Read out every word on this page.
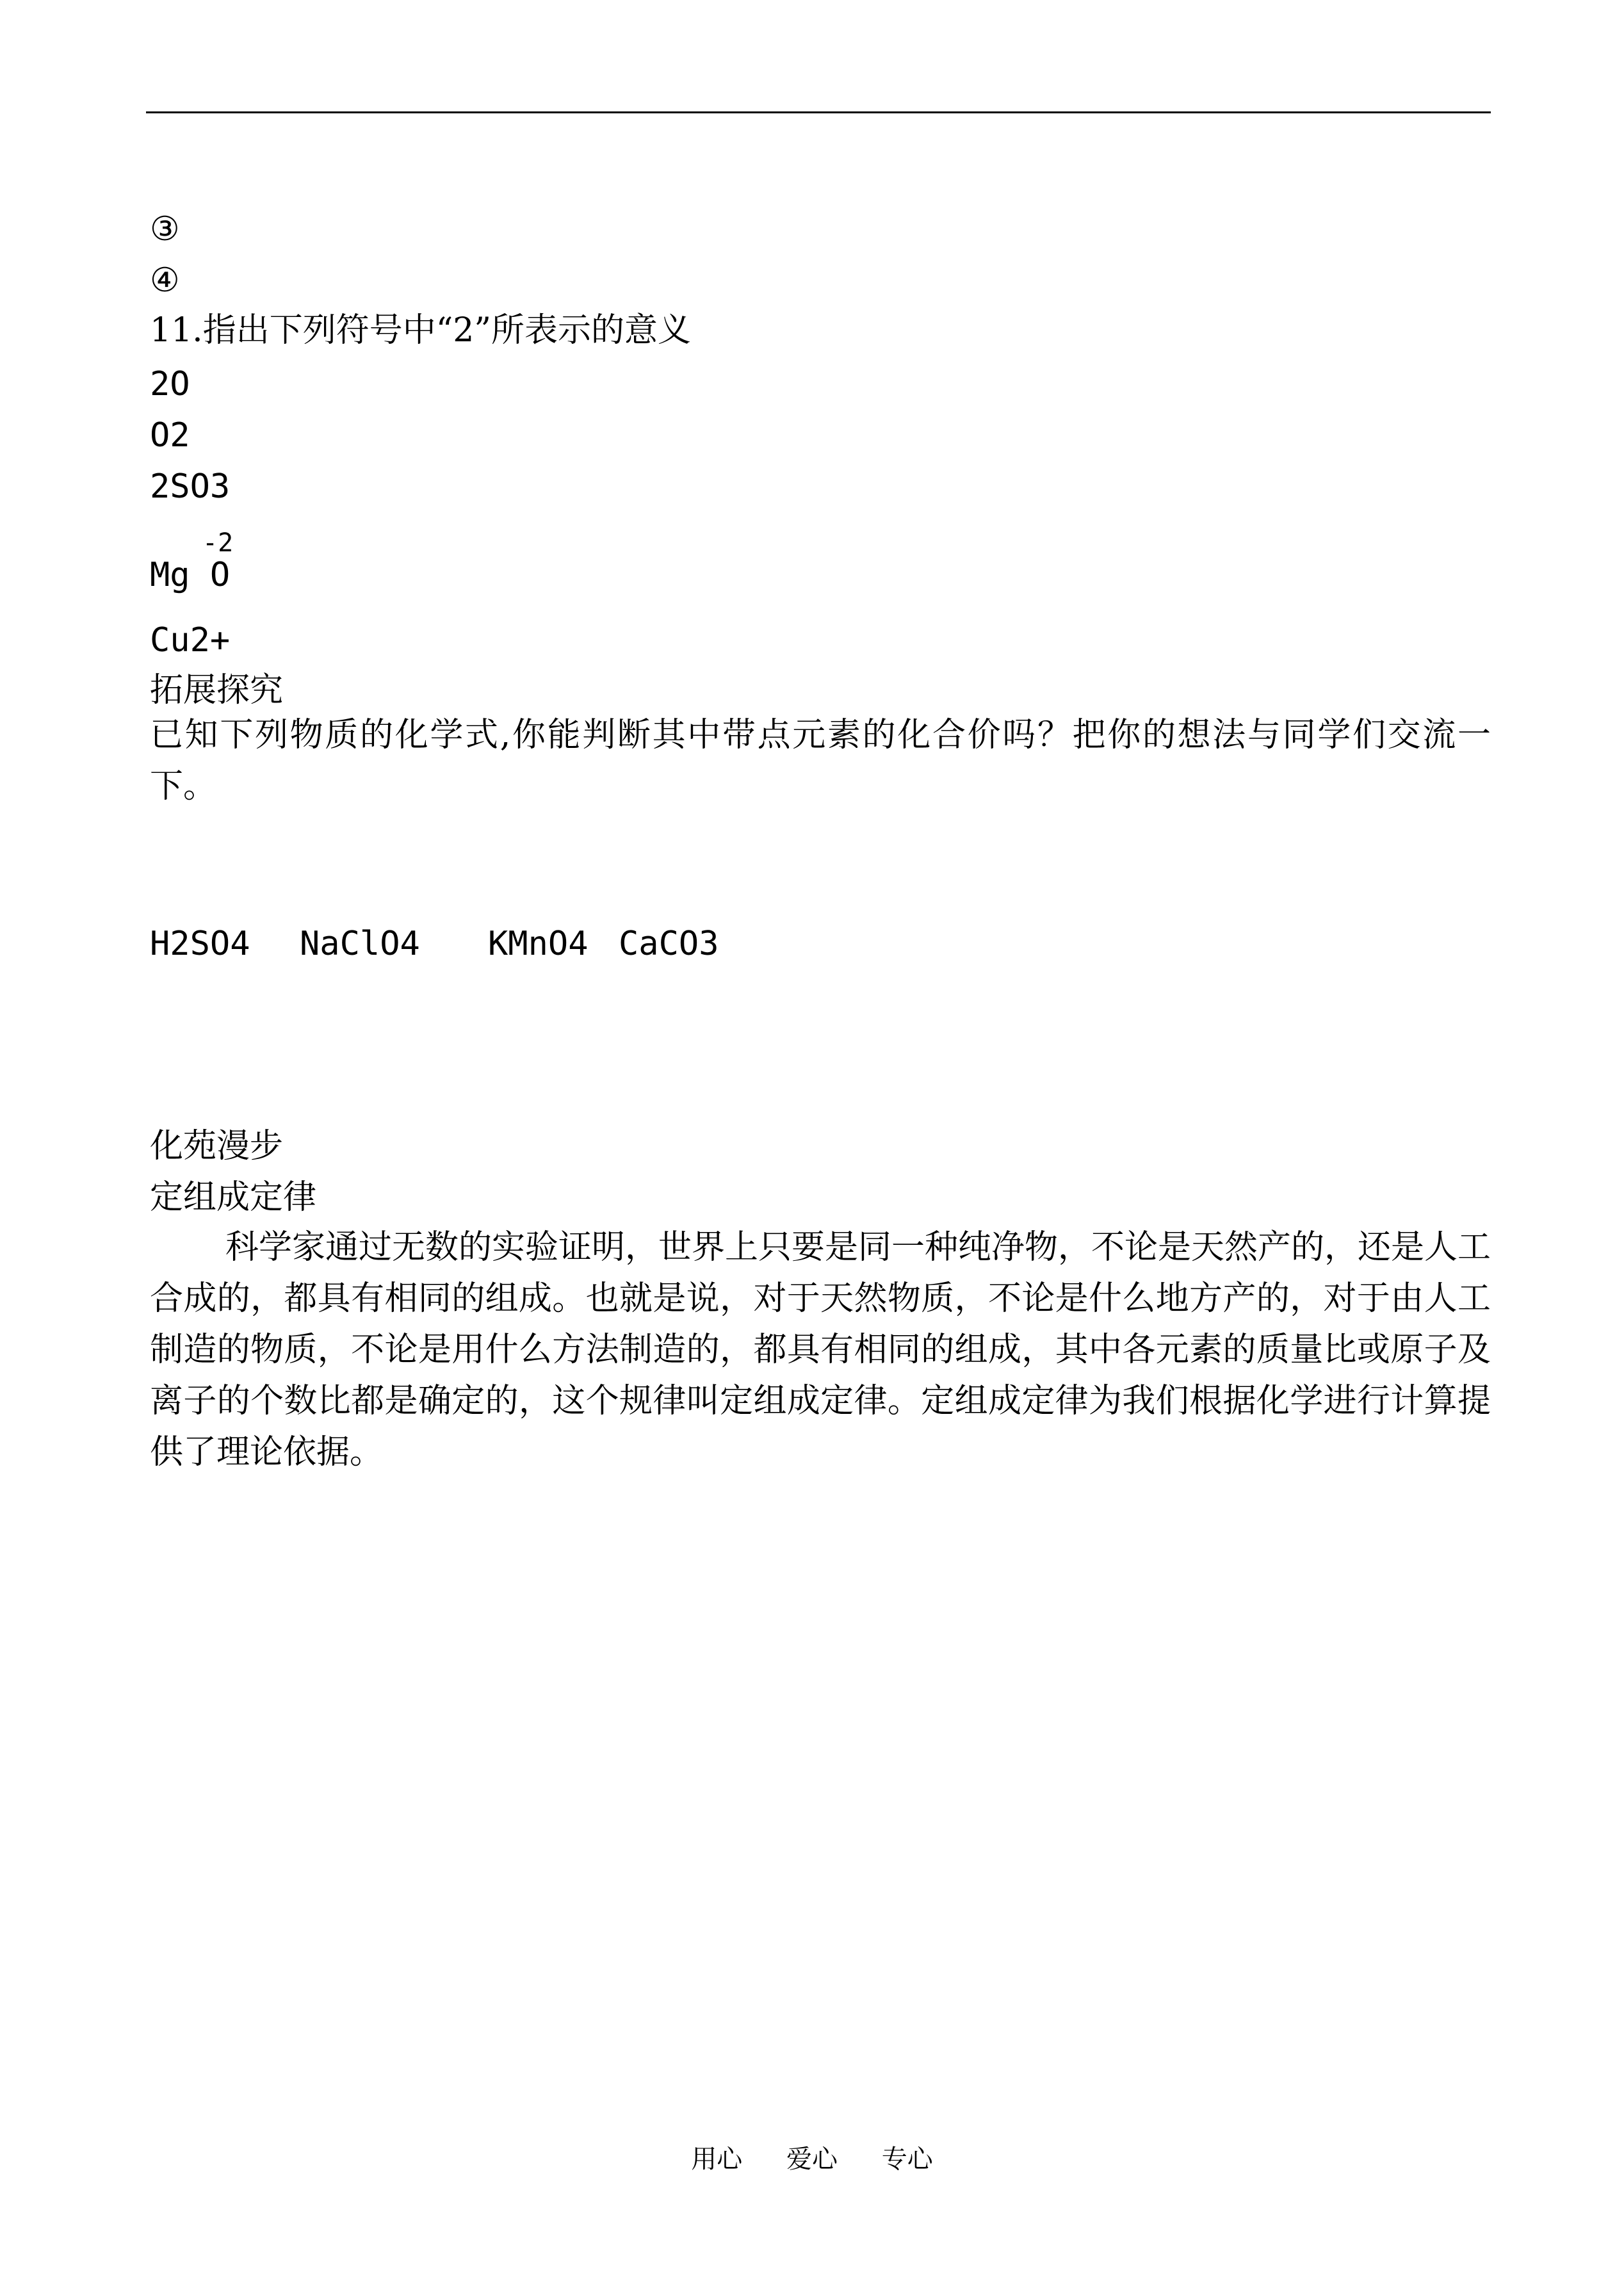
③
④
11.指出下列符号中“2”所表示的意义
2O
O2
2SO3
-2
Mg O
Cu2+
拓展探究
已知下列物质的化学式,你能判断其中带点元素的化合价吗？把你的想法与同学们交流一下。
H2SO4 NaClO4 KMnO4 CaCO3
化苑漫步
定组成定律
科学家通过无数的实验证明，世界上只要是同一种纯净物，不论是天然产的，还是人工合成的，都具有相同的组成。也就是说，对于天然物质，不论是什么地方产的，对于由人工制造的物质，不论是用什么方法制造的，都具有相同的组成，其中各元素的质量比或原子及离子的个数比都是确定的，这个规律叫定组成定律。定组成定律为我们根据化学进行计算提供了理论依据。
用心 爱心 专心
